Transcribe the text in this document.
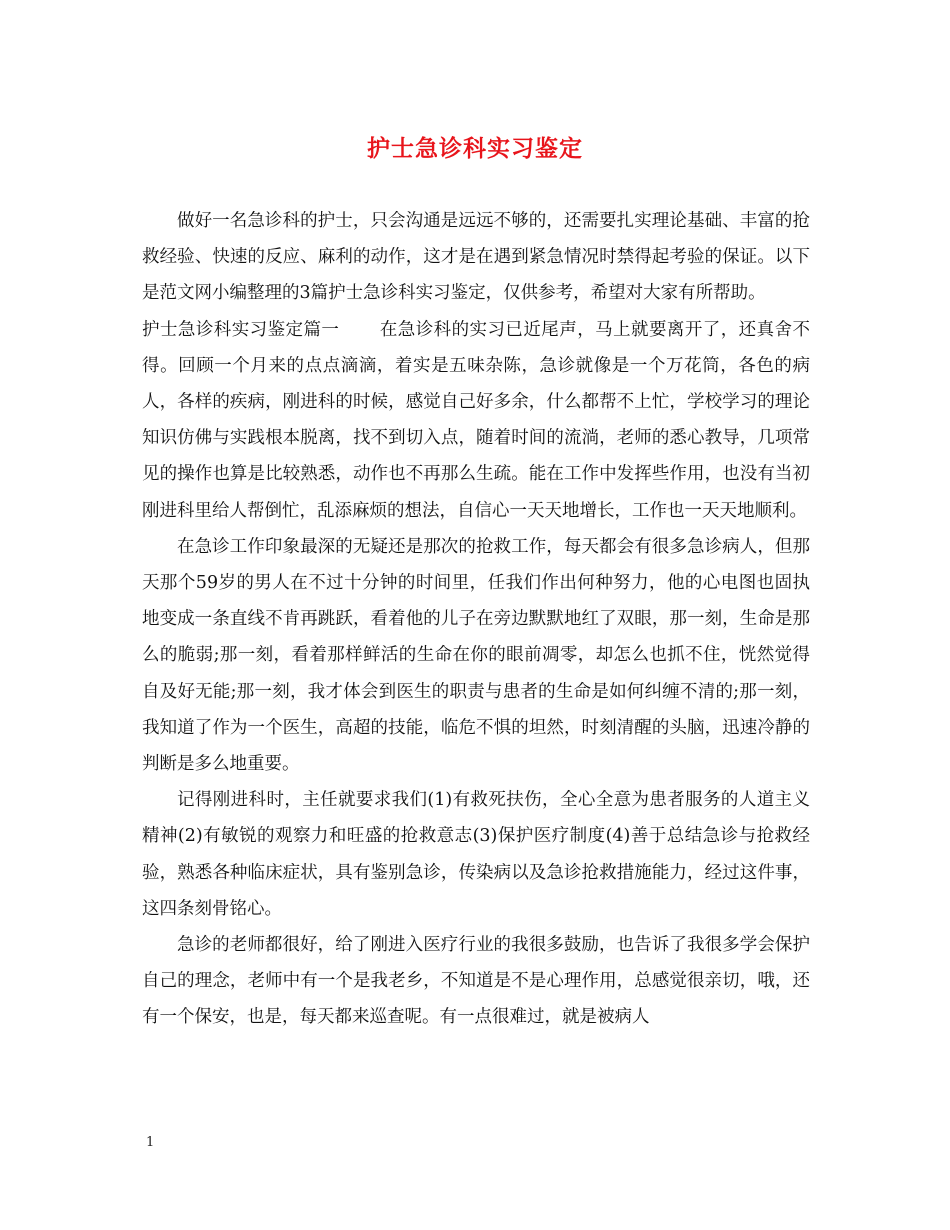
护士急诊科实习鉴定

做好一名急诊科的护士，只会沟通是远远不够的，还需要扎实理论基础、丰富的抢救经验、快速的反应、麻利的动作，这才是在遇到紧急情况时禁得起考验的保证。以下是范文网小编整理的3篇护士急诊科实习鉴定，仅供参考，希望对大家有所帮助。

护士急诊科实习鉴定篇一 在急诊科的实习已近尾声，马上就要离开了，还真舍不得。回顾一个月来的点点滴滴，着实是五味杂陈，急诊就像是一个万花筒，各色的病人，各样的疾病，刚进科的时候，感觉自己好多余，什么都帮不上忙，学校学习的理论知识仿佛与实践根本脱离，找不到切入点，随着时间的流淌，老师的悉心教导，几项常见的操作也算是比较熟悉，动作也不再那么生疏。能在工作中发挥些作用，也没有当初刚进科里给人帮倒忙，乱添麻烦的想法，自信心一天天地增长，工作也一天天地顺利。

在急诊工作印象最深的无疑还是那次的抢救工作，每天都会有很多急诊病人，但那天那个59岁的男人在不过十分钟的时间里，任我们作出何种努力，他的心电图也固执地变成一条直线不肯再跳跃，看着他的儿子在旁边默默地红了双眼，那一刻，生命是那么的脆弱;那一刻，看着那样鲜活的生命在你的眼前凋零，却怎么也抓不住，恍然觉得自及好无能;那一刻，我才体会到医生的职责与患者的生命是如何纠缠不清的;那一刻，我知道了作为一个医生，高超的技能，临危不惧的坦然，时刻清醒的头脑，迅速冷静的判断是多么地重要。

记得刚进科时，主任就要求我们(1)有救死扶伤，全心全意为患者服务的人道主义精神(2)有敏锐的观察力和旺盛的抢救意志(3)保护医疗制度(4)善于总结急诊与抢救经验，熟悉各种临床症状，具有鉴别急诊，传染病以及急诊抢救措施能力，经过这件事，这四条刻骨铭心。

急诊的老师都很好，给了刚进入医疗行业的我很多鼓励，也告诉了我很多学会保护自己的理念，老师中有一个是我老乡，不知道是不是心理作用，总感觉很亲切，哦，还有一个保安，也是，每天都来巡查呢。有一点很难过，就是被病人

1
